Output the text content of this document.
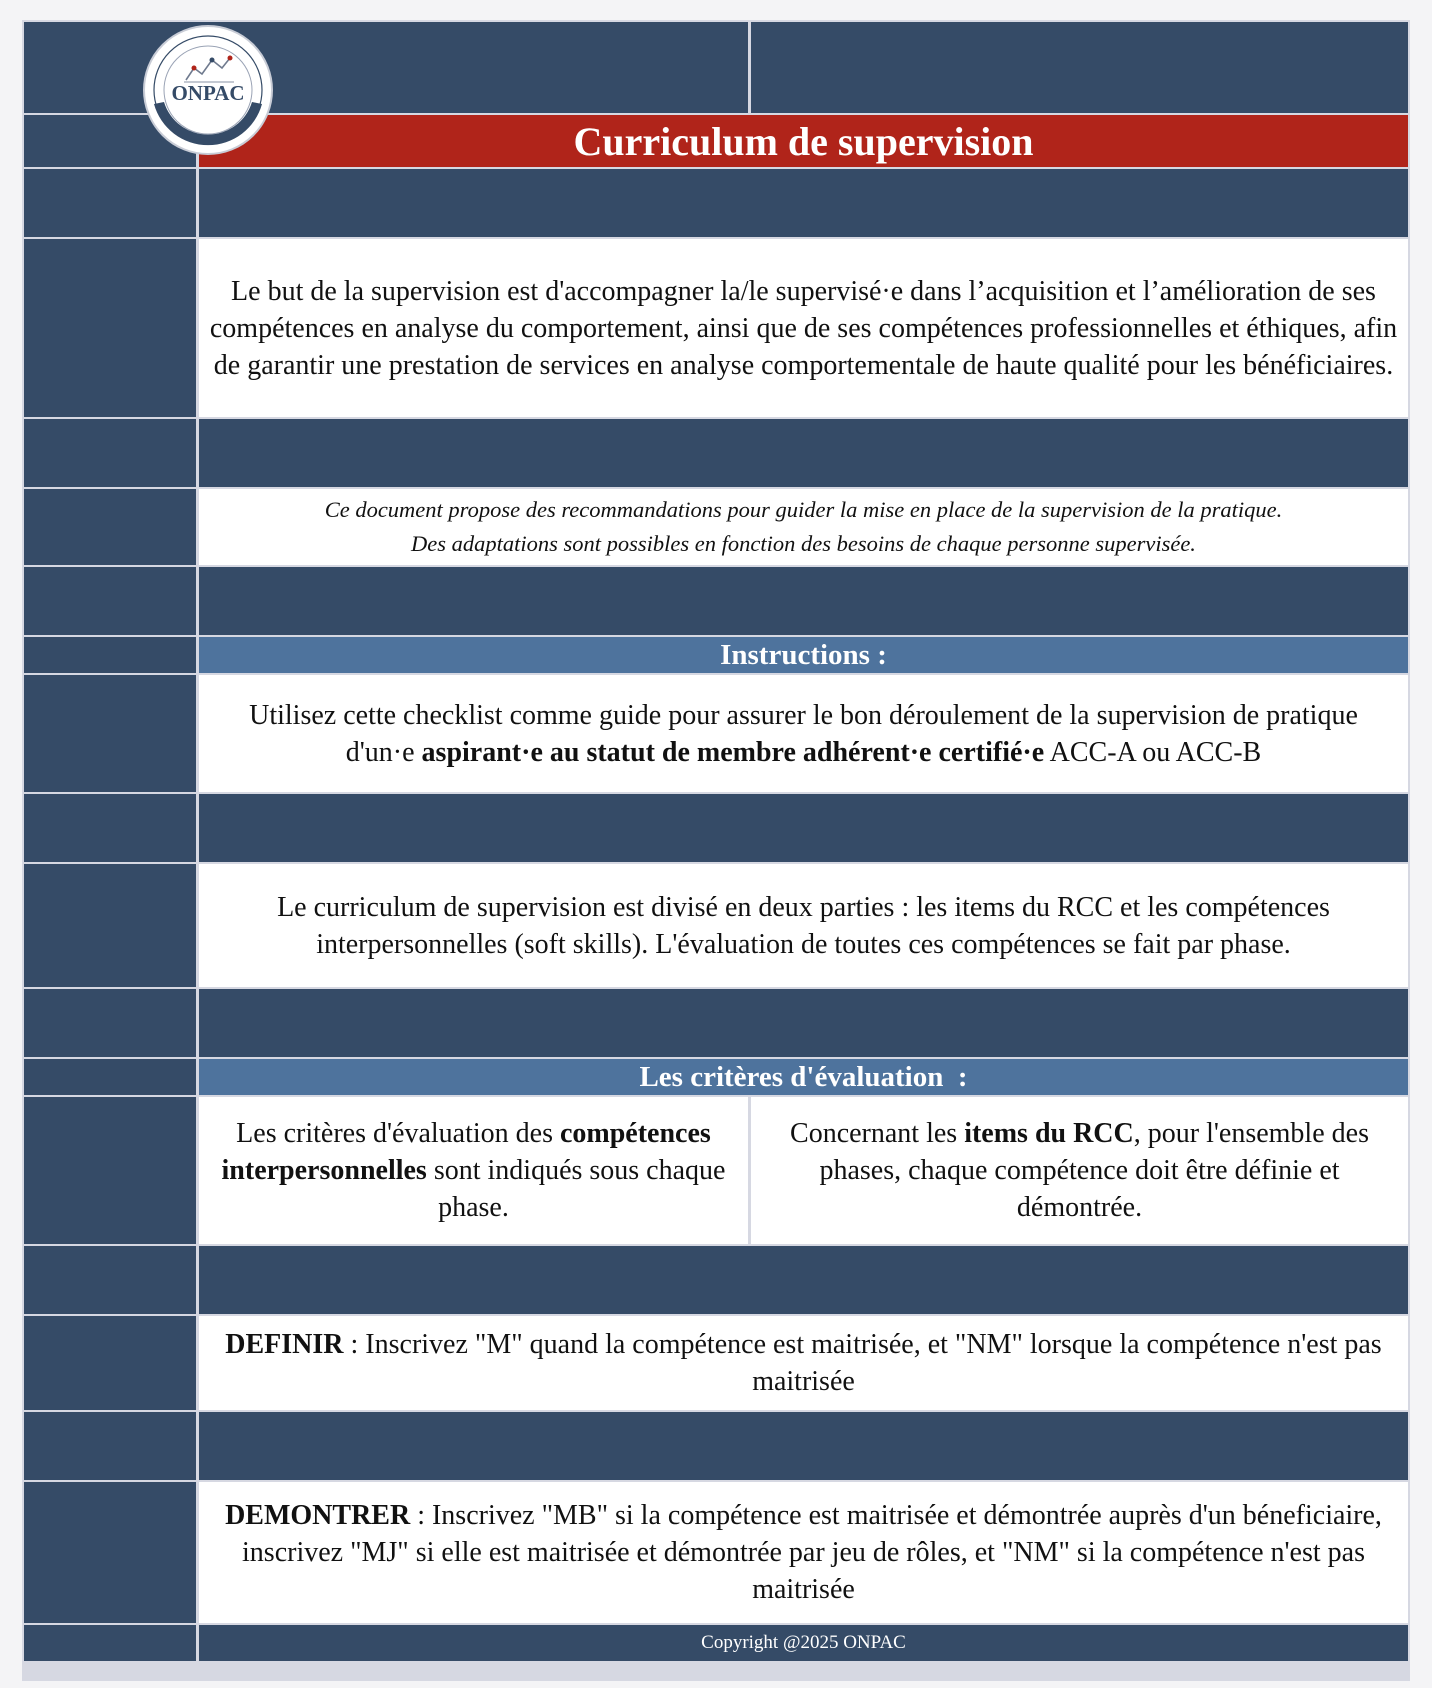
Curriculum de supervision
Le but de la supervision est d'accompagner la/le supervisé·e dans l’acquisition et l’amélioration de ses compétences en analyse du comportement, ainsi que de ses compétences professionnelles et éthiques, afin de garantir une prestation de services en analyse comportementale de haute qualité pour les bénéficiaires.
Ce document propose des recommandations pour guider la mise en place de la supervision de la pratique.
Des adaptations sont possibles en fonction des besoins de chaque personne supervisée.
Instructions :
Utilisez cette checklist comme guide pour assurer le bon déroulement de la supervision de pratique d'un·e aspirant·e au statut de membre adhérent·e certifié·e ACC-A ou ACC-B
Le curriculum de supervision est divisé en deux parties : les items du RCC et les compétences interpersonnelles (soft skills). L'évaluation de toutes ces compétences se fait par phase.
Les critères d'évaluation  :
Les critères d'évaluation des compétences interpersonnelles sont indiqués sous chaque phase.
Concernant les items du RCC, pour l'ensemble des phases, chaque compétence doit être définie et démontrée.
DEFINIR : Inscrivez "M" quand la compétence est maitrisée, et "NM" lorsque la compétence n'est pas maitrisée
DEMONTRER : Inscrivez "MB" si la compétence est maitrisée et démontrée auprès d'un béneficiaire, inscrivez "MJ" si elle est maitrisée et démontrée par jeu de rôles, et "NM" si la compétence n'est pas maitrisée
Copyright @2025 ONPAC
ONPAC
